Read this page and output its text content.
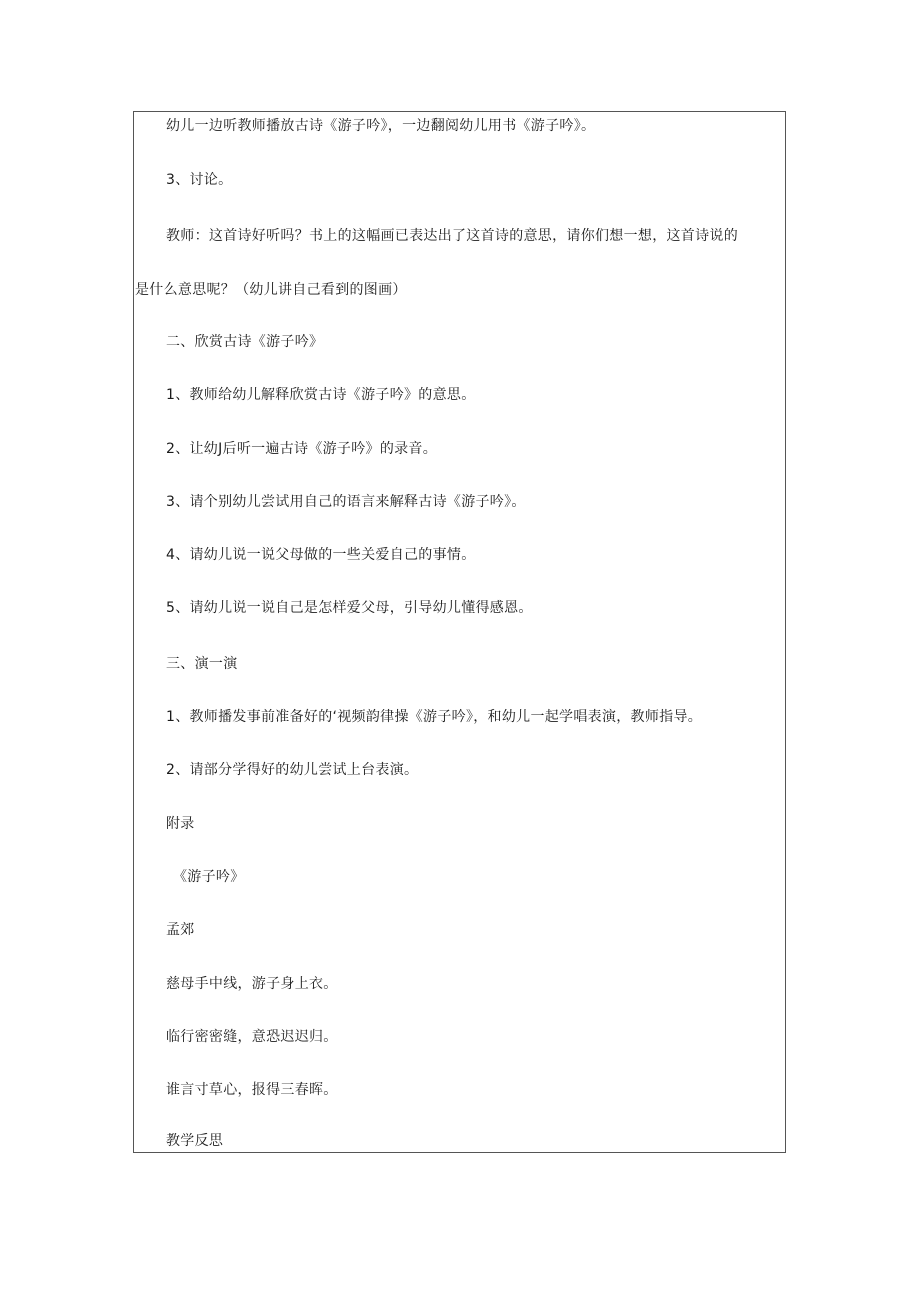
幼儿一边听教师播放古诗《游子吟》，一边翻阅幼儿用书《游子吟》。
3、讨论。
教师：这首诗好听吗？书上的这幅画已表达出了这首诗的意思，请你们想一想，这首诗说的
是什么意思呢？（幼儿讲自己看到的图画）
二、欣赏古诗《游子吟》
1、教师给幼儿解释欣赏古诗《游子吟》的意思。
2、让幼J后听一遍古诗《游子吟》的录音。
3、请个别幼儿尝试用自己的语言来解释古诗《游子吟》。
4、请幼儿说一说父母做的一些关爱自己的事情。
5、请幼儿说一说自己是怎样爱父母，引导幼儿懂得感恩。
三、演一演
1、教师播发事前准备好的‘视频韵律操《游子吟》，和幼儿一起学唱表演，教师指导。
2、请部分学得好的幼儿尝试上台表演。
附录
《游子吟》
孟郊
慈母手中线，游子身上衣。
临行密密缝，意恐迟迟归。
谁言寸草心，报得三春晖。
教学反思
